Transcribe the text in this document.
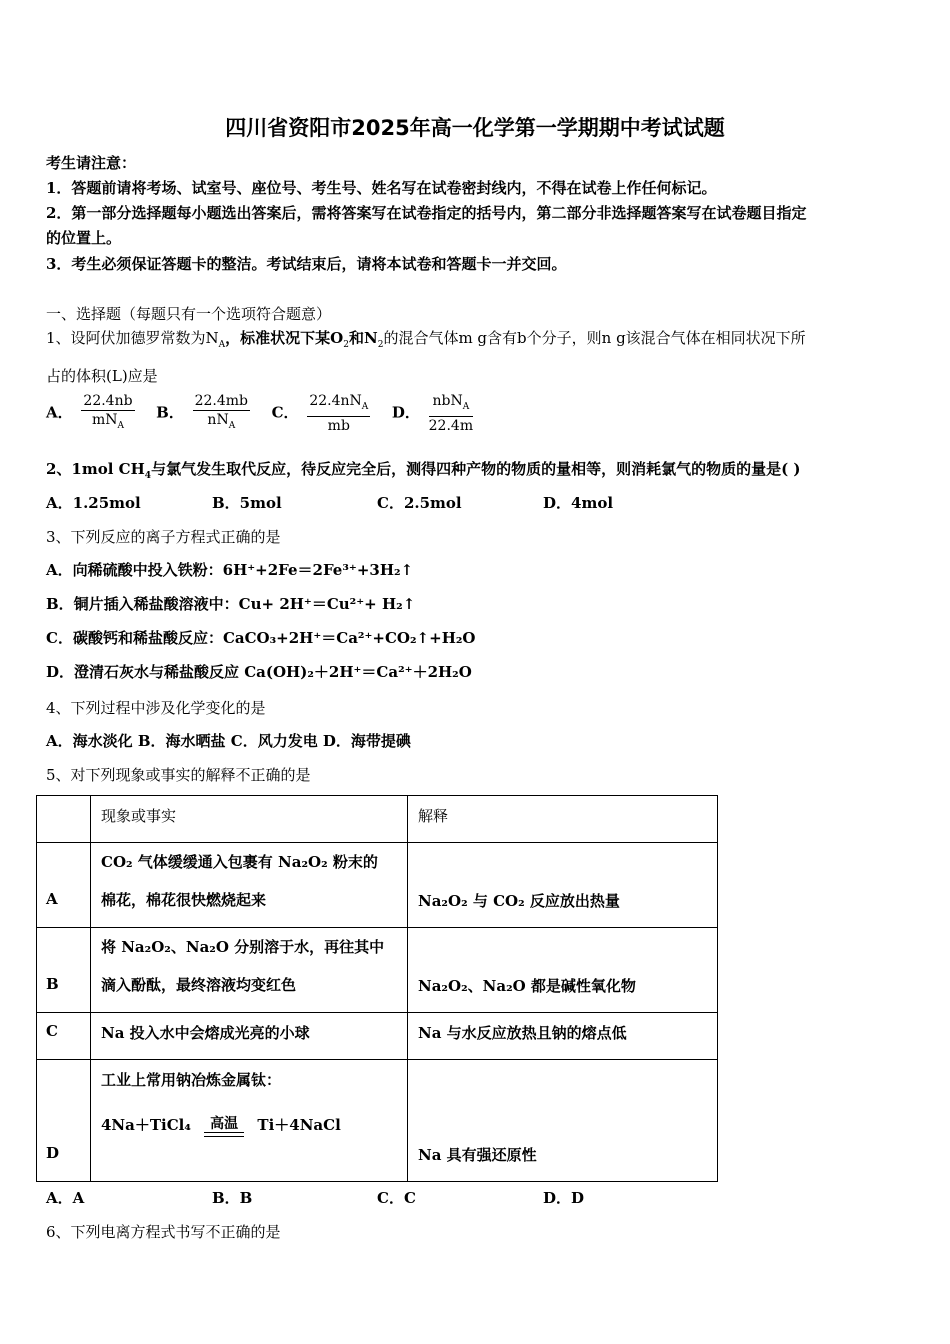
四川省资阳市2025年高一化学第一学期期中考试试题
考生请注意：
1．答题前请将考场、试室号、座位号、考生号、姓名写在试卷密封线内，不得在试卷上作任何标记。
2．第一部分选择题每小题选出答案后，需将答案写在试卷指定的括号内，第二部分非选择题答案写在试卷题目指定
的位置上。
3．考生必须保证答题卡的整洁。考试结束后，请将本试卷和答题卡一并交回。
一、选择题（每题只有一个选项符合题意）
1、设阿伏加德罗常数为$N_A$，标准状况下某$O_2$和$N_2$的混合气体m g含有b个分子，则n g该混合气体在相同状况下所
占的体积(L)应是
A． $\frac{22.4nb}{mN_A}$ B． $\frac{22.4mb}{nN_A}$ C． $\frac{22.4nN_A}{mb}$ D． $\frac{nbN_A}{22.4m}$
2、1mol $CH_4$与氯气发生取代反应，待反应完全后，测得四种产物的物质的量相等，则消耗氯气的物质的量是( )
A．1.25mol	B．5mol	C．2.5mol	D．4mol
3、下列反应的离子方程式正确的是
A．向稀硫酸中投入铁粉：6H⁺+2Fe＝2Fe³⁺+3H₂↑
B．铜片插入稀盐酸溶液中：Cu+ 2H⁺＝Cu²⁺+ H₂↑
C．碳酸钙和稀盐酸反应：CaCO₃+2H⁺＝Ca²⁺+CO₂↑+H₂O
D．澄清石灰水与稀盐酸反应 Ca(OH)₂＋2H⁺＝Ca²⁺＋2H₂O
4、下列过程中涉及化学变化的是
A．海水淡化 B．海水晒盐 C．风力发电 D．海带提碘
5、对下列现象或事实的解释不正确的是

	现象或事实	解释

A	CO₂ 气体缓缓通入包裹有 Na₂O₂ 粉末的
棉花，棉花很快燃烧起来	Na₂O₂ 与 CO₂ 反应放出热量

B	将 Na₂O₂、Na₂O 分别溶于水，再往其中
滴入酚酞，最终溶液均变红色	Na₂O₂、Na₂O 都是碱性氧化物

C	Na 投入水中会熔成光亮的小球	Na 与水反应放热且钠的熔点低

D	工业上常用钠冶炼金属钛：
4Na＋TiCl₄ 高温 Ti＋4NaCl	Na 具有强还原性
A．A	B．B	C．C	D．D
6、下列电离方程式书写不正确的是
